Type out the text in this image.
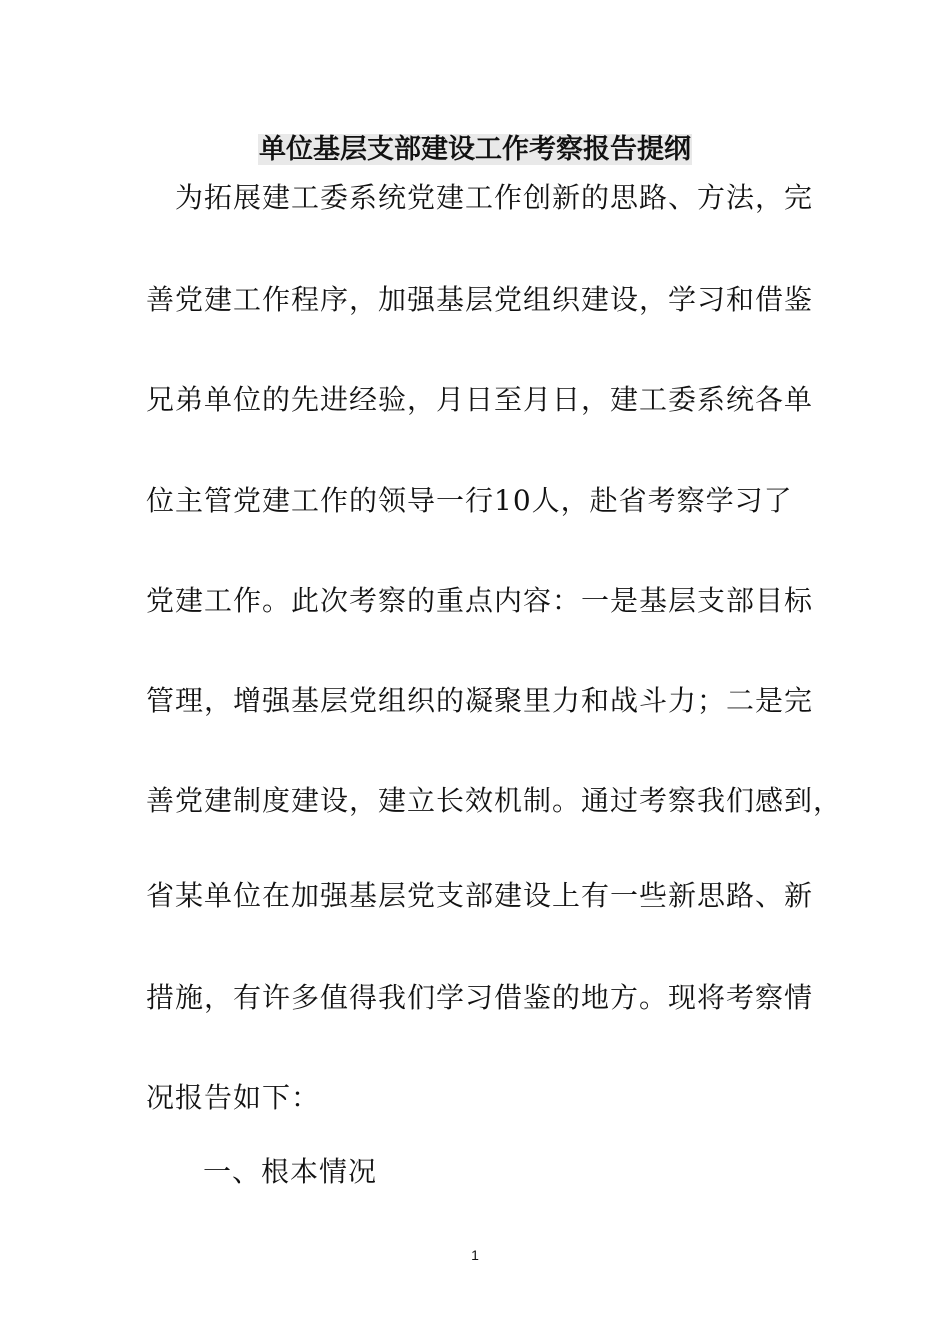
单位基层支部建设工作考察报告提纲
为拓展建工委系统党建工作创新的思路、方法，完
善党建工作程序，加强基层党组织建设，学习和借鉴
兄弟单位的先进经验，月日至月日，建工委系统各单
位主管党建工作的领导一行10人，赴省考察学习了
党建工作。此次考察的重点内容：一是基层支部目标
管理，增强基层党组织的凝聚里力和战斗力；二是完
善党建制度建设，建立长效机制。通过考察我们感到，
省某单位在加强基层党支部建设上有一些新思路、新
措施，有许多值得我们学习借鉴的地方。现将考察情
况报告如下：
一、根本情况
1
